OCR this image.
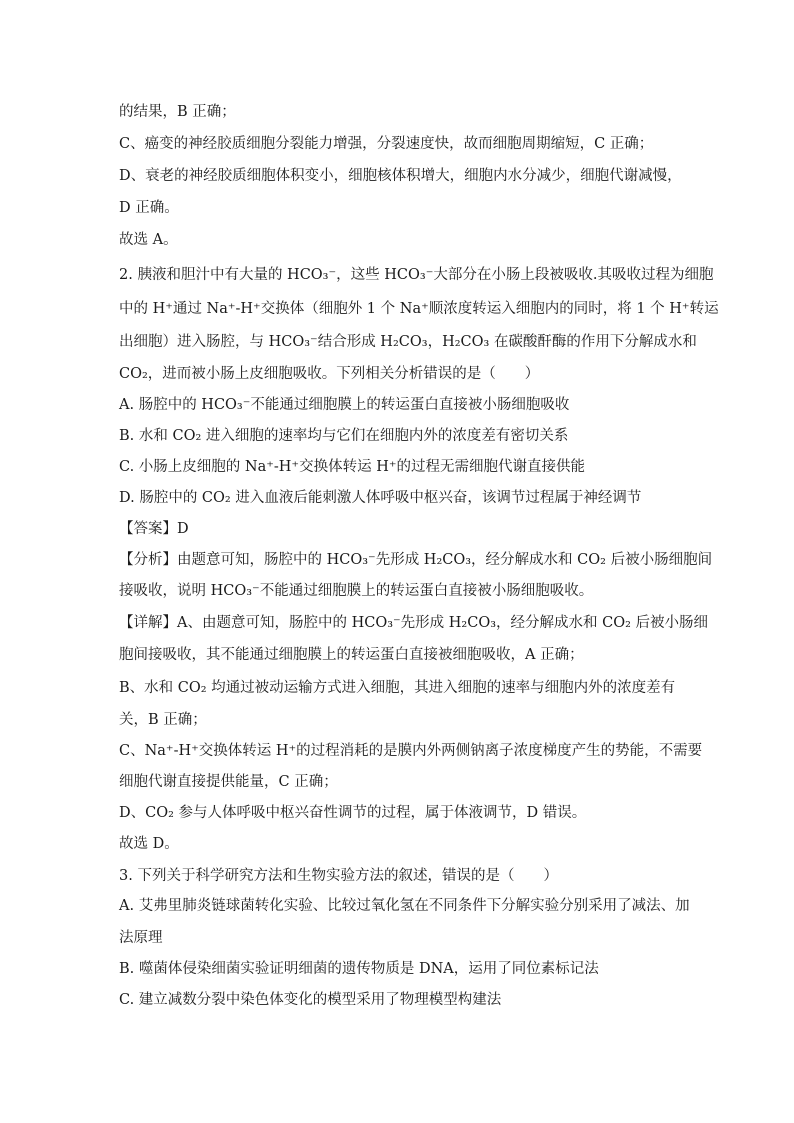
的结果，B 正确；
C、癌变的神经胶质细胞分裂能力增强，分裂速度快，故而细胞周期缩短，C 正确；
D、衰老的神经胶质细胞体积变小，细胞核体积增大，细胞内水分减少，细胞代谢减慢，
D 正确。
故选 A。
2. 胰液和胆汁中有大量的 HCO₃⁻，这些 HCO₃⁻大部分在小肠上段被吸收.其吸收过程为细胞
中的 H⁺通过 Na⁺-H⁺交换体（细胞外 1 个 Na⁺顺浓度转运入细胞内的同时，将 1 个 H⁺转运
出细胞）进入肠腔，与 HCO₃⁻结合形成 H₂CO₃，H₂CO₃ 在碳酸酐酶的作用下分解成水和
CO₂，进而被小肠上皮细胞吸收。下列相关分析错误的是（　　）
A. 肠腔中的 HCO₃⁻不能通过细胞膜上的转运蛋白直接被小肠细胞吸收
B. 水和 CO₂ 进入细胞的速率均与它们在细胞内外的浓度差有密切关系
C. 小肠上皮细胞的 Na⁺-H⁺交换体转运 H⁺的过程无需细胞代谢直接供能
D. 肠腔中的 CO₂ 进入血液后能刺激人体呼吸中枢兴奋，该调节过程属于神经调节
【答案】D
【分析】由题意可知，肠腔中的 HCO₃⁻先形成 H₂CO₃，经分解成水和 CO₂ 后被小肠细胞间
接吸收，说明 HCO₃⁻不能通过细胞膜上的转运蛋白直接被小肠细胞吸收。
【详解】A、由题意可知，肠腔中的 HCO₃⁻先形成 H₂CO₃，经分解成水和 CO₂ 后被小肠细
胞间接吸收，其不能通过细胞膜上的转运蛋白直接被细胞吸收，A 正确；
B、水和 CO₂ 均通过被动运输方式进入细胞，其进入细胞的速率与细胞内外的浓度差有
关，B 正确；
C、Na⁺-H⁺交换体转运 H⁺的过程消耗的是膜内外两侧钠离子浓度梯度产生的势能，不需要
细胞代谢直接提供能量，C 正确；
D、CO₂ 参与人体呼吸中枢兴奋性调节的过程，属于体液调节，D 错误。
故选 D。
3. 下列关于科学研究方法和生物实验方法的叙述，错误的是（　　）
A. 艾弗里肺炎链球菌转化实验、比较过氧化氢在不同条件下分解实验分别采用了减法、加
法原理
B. 噬菌体侵染细菌实验证明细菌的遗传物质是 DNA，运用了同位素标记法
C. 建立减数分裂中染色体变化的模型采用了物理模型构建法
